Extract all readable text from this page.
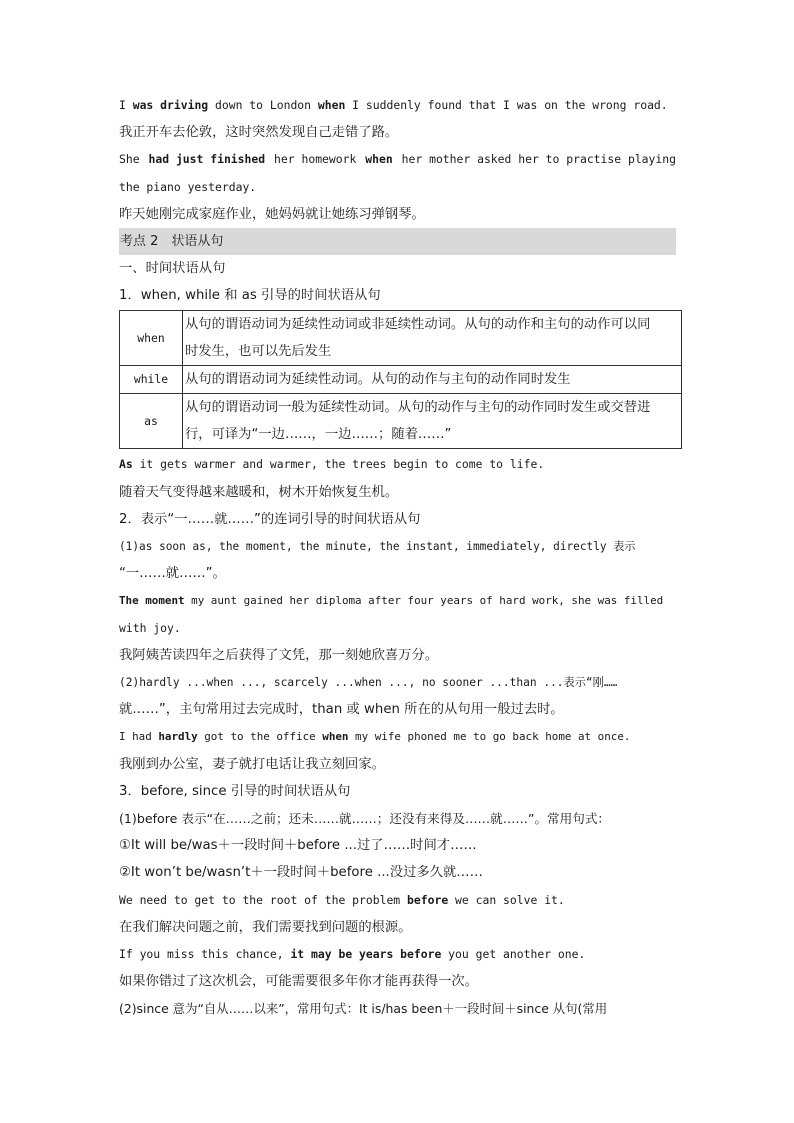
I was driving down to London when I suddenly found that I was on the wrong road.
我正开车去伦敦，这时突然发现自己走错了路。
She had just finished her homework when her mother asked her to practise playing
the piano yesterday.
昨天她刚完成家庭作业，她妈妈就让她练习弹钢琴。
考点 2　状语从句
一、时间状语从句
1．when, while 和 as 引导的时间状语从句
when	从句的谓语动词为延续性动词或非延续性动词。从句的动作和主句的动作可以同
时发生，也可以先后发生

while	从句的谓语动词为延续性动词。从句的动作与主句的动作同时发生

as	从句的谓语动词一般为延续性动词。从句的动作与主句的动作同时发生或交替进
行，可译为“一边……，一边……；随着……”
As it gets warmer and warmer, the trees begin to come to life.
随着天气变得越来越暖和，树木开始恢复生机。
2．表示“一……就……”的连词引导的时间状语从句
(1)as soon as, the moment, the minute, the instant, immediately, directly 表示
“一……就……”。
The moment my aunt gained her diploma after four years of hard work, she was filled
with joy.
我阿姨苦读四年之后获得了文凭，那一刻她欣喜万分。
(2)hardly ...when ..., scarcely ...when ..., no sooner ...than ...表示“刚……
就……”，主句常用过去完成时，than 或 when 所在的从句用一般过去时。
I had hardly got to the office when my wife phoned me to go back home at once.
我刚到办公室，妻子就打电话让我立刻回家。
3．before, since 引导的时间状语从句
(1)before 表示“在……之前；还未……就……；还没有来得及……就……”。常用句式：
①It will be/was＋一段时间＋before ...过了……时间才……
②It won’t be/wasn’t＋一段时间＋before ...没过多久就……
We need to get to the root of the problem before we can solve it.
在我们解决问题之前，我们需要找到问题的根源。
If you miss this chance, it may be years before you get another one.
如果你错过了这次机会，可能需要很多年你才能再获得一次。
(2)since 意为“自从……以来”，常用句式：It is/has been＋一段时间＋since 从句(常用
